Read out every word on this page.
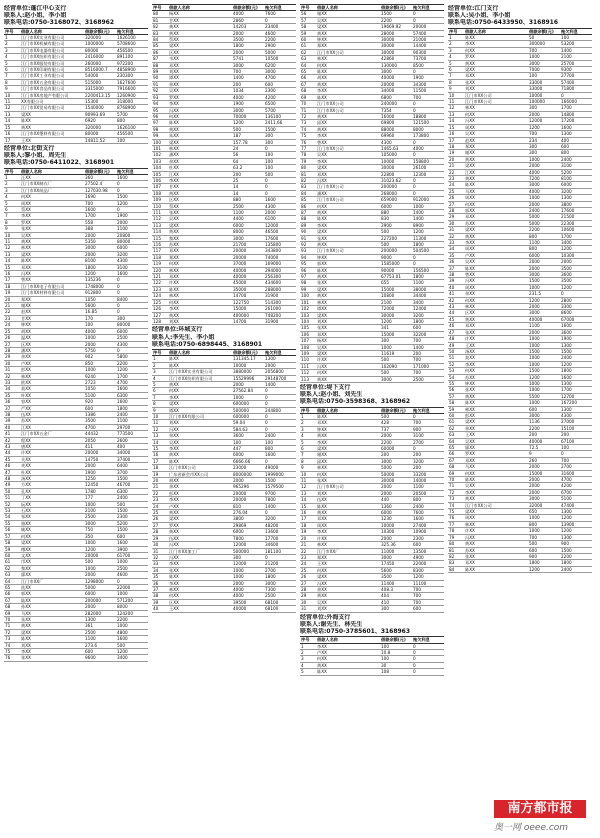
经营单位:蓬江中心支行
联系人:赵小姐、李小姐
联系电话:0750-3168072、3168962
序号	借款人名称	借款余额(元)	拖欠利息
1	江门市XX实业有限公司	320000	1626100
2	江门市XX机械有限公司	1000000	5708600
3	江门市XX电器有限公司	80000	456500
4	江门市XX纺织有限公司	2416000	891100
5	江门市XX服装有限公司	260000	972200
6	江门市XX印刷有限公司	8516000.7	4858900
7	江门市XX工业有限公司	54000	230300
8	江门市XX五金有限公司	515000	1627600
9	江门市XX食品有限公司	3315000	7916600
10	江门市XX房地产有限公司	2200413.15	1260900
11	XX有限公司	15300	318000
12	江门市XX贸易有限公司	1540000	8768900
13	梁XX	90993.69	5700
14	陈XX	6920	800
15	黄XX	320000	1626100
16	江门市XX塑料有限公司	80000	456500
17	王XX	14811.52	100
经营单位:北街支行
联系人:黎小姐、周先生
联系电话:0750-6411022、3168901
序号	借款人名称	借款余额(元)	拖欠利息
1	汪XX	360	1600
2	江门市XX制衣厂	27502.4	0
3	江门市XX纸品厂	127030.98	0
4	何XX	1690	1500
5	周XX	700	1200
6	蔡XX	1600	0
7	李XX	1700	1900
8	罗XX	558	2000
9	张XX	388	1100
10	吴XX	2000	20800
11	黄XX	5350	80000
12	林XX	3000	6000
13	梁XX	2000	3200
14	陈XX	8100	4300
15	邓XX	1800	3100
16	冯XX	1200	1600
17	曾XX	135236	0
18	江门市XX电子有限公司	1748000	0
19	江门市XX材料有限公司	912800	0
20	郑XX	1050	8400
21	谢XX	5600	0
22	赵XX	16.85	0
23	甘XX	170	300
24	钟XX	100	80000
25	胡XX	4000	6000
26	温XX	1000	2500
27	区XX	2000	4300
28	潘XX	5750	0
29	余XX	902	5800
30	卢XX	850	2200
31	彭XX	1000	1200
32	林XX	9240	1700
33	欧XX	2723	4700
34	莫XX	1050	1600
35	叶XX	5100	6300
36	容XX	920	1600
37	严XX	600	1800
38	伍XX	1386	2400
39	苏XX	3500	1100
40	江XX	4700	29700
41	江门市XX五金厂	44432	773500
42	程XX	2050	2600
43	唐XX	411	400
44	许XX	20000	34000
45	关XX	14750	37400
46	麦XX	2000	6400
47	杜XX	1900	3700
48	汤XX	1250	1500
49	方XX	12450	46700
50	孔XX	1780	6300
51	丁XX	177	2400
52	阮XX	1000	500
53	石XX	2100	1500
54	邹XX	2500	2300
55	骆XX	3000	5200
56	姚XX	750	1500
57	何XX	350	600
58	梁XX	1000	1600
59	傅XX	1200	3900
60	文XX	20000	61700
61	邝XX	500	1000
62	黎XX	1000	2500
63	廖XX	2000	4600
64	江门市XX厂	1298000	0
65	冼XX	5000	22000
66	郭XX	6000	1000
67	陆XX	200000	571200
68	孙XX	2000	8000
69	马XX	282000	124200
70	朱XX	1300	2200
71	黄XX	361	1000
72	梁XX	2500	4800
73	陈XX	1100	1600
74	刘XX	273.6	500
75	李XX	600	1200
76	张XX	9600	3400
序号	借款人名称	借款余额(元)	拖欠利息
80	杨XX	4000	7600
81	甘XX	2860	0
82	龚XX	14203	23400
83	黄XX	2000	4600
84	蔡XX	3500	2200
85	梁XX	1800	2900
86	区XX	2000	5000
87	韦XX	5741	10500
88	邓XX	3000	6200
89	刘XX	700	3000
90	谭XX	1400	4700
91	余XX	200	600
92	吴XX	1034	2300
93	罗XX	4000	4200
94	李XX	1900	6500
95	冯XX	3000	5700
96	何XX	70000	136100
97	陈XX	1200	2411.66
98	黄XX	500	1500
99	朱XX	187	300
100	梁XX	157.78	300
101	林XX	24	0
102	潘XX	56	100
103	余XX	64	100
104	杜XX	63.2	100
105	江XX	200	500
106	李XX	25	0
107	甘XX	14	0
108	黄XX	14	0
109	区XX	880	1600
110	蔡XX	2500	4300
111	张XX	1100	2000
112	吴XX	4400	6100
113	梁XX	6000	12000
114	黄XX	8000	46500
115	黎XX	3000	17600
116	苏XX	21700	135800
117	邓XX	20000	343800
118	郑XX	20000	74000
119	何XX	37000	169000
120	林XX	40000	294000
121	邓XX	40000	256300
122	许XX	45000	434600
123	陈XX	35000	288000
124	林XX	14700	31900
125	何XX	122750	514300
126	李XX	15000	261000
127	黄XX	400000	748200
128	刘XX	14700	31900
经营单位:环城支行
联系人:李先生、李小姐
联系电话:0750-6898445、3168901
序号	借款人名称	借款余额(元)	拖欠利息
1	陈XX	131345.17	1300
2	陈XX	10000	2000
3	江门市XX实业有限公司	3880000	2056800
4	江门市XX纺织有限公司	15529996	29148700
5	黄XX	2000	1400
6	何XX	27562.84	0
7	李XX	1000	0
8	梁XX	600000	0
9	谭XX	500000	244800
10	江门市XX有限公司	600000	0
11	刘XX	59.04	0
12	冯XX	584.63	0
13	余XX	3600	2400
14	吴XX	100	100
15	李XX	447	800
16	黄XX	6000	1600
17	陈XX	6666.66	0
18	江门市XX公司	23000	49000
19	广东省新会市XX公司	8000000	1999000
20	胡XX	2000	1500
21	余XX	965296	1579500
22	彭XX	20000	9700
23	李XX	20000	7800
24	卢XX	810	1400
25	黄XX	276.04	0
26	梁XX	3800	3200
27	罗XX	29869	48200
28	黄XX	6000	13600
29	伍XX	7800	17700
30	冯XX	12000	34600
31	江门市XX加工厂	500000	181100
32	冯XX	300	0
33	李XX	12000	21200
34	张XX	1000	2700
35	陈XX	1000	1800
36	李XX	2000	3000
37	林XX	4000	7300
38	何XX	4000	2500
39	区XX	39500	68100
40	王XX	40000	68100
序号	借款人名称	借款余额(元)	拖欠利息
56	谢XX	1500	0
57	吴XX	2200	0
58	梁XX	19669.92	20000
59	黄XX	28000	57400
60	钟XX	30000	21000
61	郑XX	30000	14400
62	江门市XX公司	30000	90300
63	林XX	42860	73700
64	何XX	130000	8500
65	陈XX	3000	0
66	胡XX	40000	1900
67	黄XX	20000	34300
68	李XX	34000	11500
69	陈XX	6800	700
70	江门市XX公司	240000	0
71	江门市XX公司	7354	0
72	黄XX	16000	18800
73	邱XX	69800	121500
74	黄XX	88000	8000
75	李XX	69960	173800
76	曾XX	4300	0
77	江门市XX公司	1465.63	4000
78	吴XX	105000	0
79	李XX	10000	158800
80	梁XX	30000	26100
81	邓XX	22800	12300
82	冯XX	31023.62	0
83	江门市XX公司	200000	0
84	潘XX	268000	0
85	江门市XX公司	659000	912000
86	何XX	6000	1000
87	黄XX	880	1400
88	陈XX	830	1400
89	李XX	2900	8900
90	梁XX	500	1200
91	张XX	227200	11300
92	黄XX	500	1800
93	江门市XX公司	200000	504500
94	钟XX	9000	0
95	郭XX	1585000	0
96	陈XX	90000	156500
97	黄XX	67753.01	1800
98	张XX	655	1100
99	梁XX	15000	38000
100	黄XX	10800	34400
101	林XX	2100	3400
102	谭XX	72000	12400
103	梁XX	30000	3200
104	刘XX	1200	1800
105	张XX	341	600
106	邓XX	15000	32200
107	杨XX	300	700
108	吴XX	1000	1400
109	梁XX	11619	200
110	许XX	500	700
111	冯XX	102090	171000
112	何XX	500	700
113	黄XX	3000	2500
经营单位:堤下支行
联系人:赵小姐、刘先生
联系电话:0750-3598368、3168962
序号	借款人名称	借款余额(元)	拖欠利息
1	陈XX	500	0
2	邓XX	428	700
3	钟XX	737	900
4	黄XX	2000	3100
5	李XX	2200	2700
6	梁XX	60000	0
7	谢XX	200	200
8	邱XX	3000	3200
9	林XX	5000	200
10	何XX	50000	33200
11	张XX	30000	14000
12	江门市XX公司	2000	1100
13	刘XX	2000	20500
14	伍XX	440	800
15	陈XX	1360	2400
16	黄XX	6000	7600
17	邓XX	1230	1600
18	周XX	10000	27400
19	李XX	10300	10900
20	许XX	2000	2300
21	林XX	325.36	600
22	江门市XX厂	11000	13500
23	郑XX	3000	4900
24	王XX	17450	22000
25	何XX	5600	8300
26	梁XX	3500	1200
27	冯XX	11400	11100
28	余XX	408.3	700
29	黄XX	404	700
30	吴XX	410	700
31	刘XX	300	600
经营单位:外海支行
联系人:谢先生、林先生
联系电话:0750-3785601、3168963
序号	借款人名称	借款余额(元)	拖欠利息
1	李XX	100	0
2	卢XX	10.8	0
3	何XX	100	0
4	黄XX	30	0
5	陈XX	108	0
经营单位:江门支行
联系人:吴小姐、李小姐
联系电话:0750-6433950、3168916
序号	借款人名称	借款余额(元)	拖欠利息
1	陈XX	50	100
2	李XX	300000	53200
3	何XX	700	1400
4	罗XX	1000	2100
5	黄XX	3000	25700
6	梁XX	7000	9300
7	邓XX	100	27700
8	张XX	33000	57400
9	刘XX	33000	71800
10	江门市XX公司	10000	0
11	江门市XX公司	100000	166000
12	林XX	300	1700
13	何XX	2000	14800
14	冯XX	12000	17200
15	周XX	1200	1600
16	吴XX	700	1300
17	赵XX	234	400
18	郑XX	300	600
19	谢XX	300	800
20	黄XX	1000	2400
21	梁XX	2000	3100
22	江XX	4000	5200
23	黄XX	7200	8100
24	陈XX	3000	6000
25	马XX	4000	3200
26	周XX	1000	1300
27	何XX	2000	3800
28	郭XX	2400	17600
29	邓XX	5000	21500
30	苏XX	5000	22300
31	梁XX	2200	10600
32	黄XX	800	1700
33	李XX	1100	3400
34	周XX	800	1200
35	卢XX	6000	10300
36	吴XX	2000	2000
37	陈XX	2000	3500
38	曾XX	3000	3600
39	冯XX	1500	3500
40	周XX	1000	1200
41	余XX	231.5	0
42	何XX	1200	2800
43	林XX	2000	3300
44	区XX	3000	8600
45	黄XX	40000	67000
46	邓XX	1100	1600
47	张XX	2000	3600
48	许XX	1000	1900
49	王XX	1000	1300
50	汤XX	1500	1500
51	莫XX	1000	2400
52	李XX	1000	1200
53	何XX	1500	1800
54	苏XX	1200	1600
55	钟XX	1000	1300
56	张XX	1000	1700
57	黄XX	5500	12700
58	陈XX	1000	167200
59	林XX	600	1300
60	彭XX	3000	4300
61	梁XX	1136	27000
62	余XX	2200	15100
63	王XX	200	200
64	吴XX	40000	67100
65	廖XX	72.5	100
66	罗XX	9	0
67	邓XX	260	700
68	马XX	2000	2700
69	何XX	15000	31600
70	陈XX	2000	4700
71	吴XX	2000	4200
72	李XX	2000	6700
73	黄XX	3000	5100
74	江门市XX公司	32000	47400
75	梁XX	650	1300
76	周XX	1000	1200
77	林XX	800	13900
78	许XX	1000	1200
79	冯XX	700	1300
80	黄XX	500	900
81	苏XX	600	1500
82	张XX	900	2200
83	邓XX	1800	1800
84	陈XX	1200	2400
南方都市报
奥一网 oeee.com
